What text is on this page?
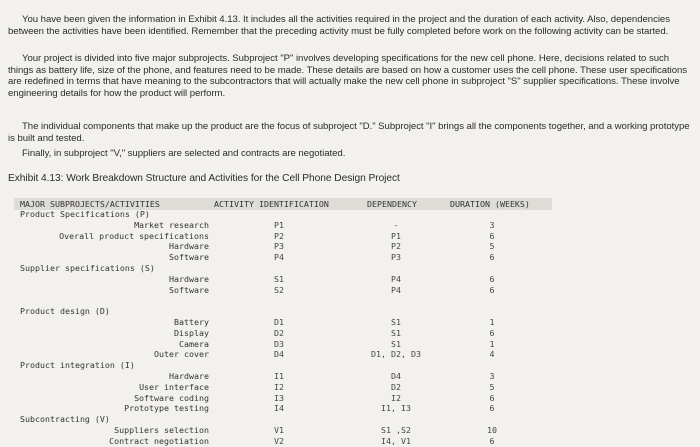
You have been given the information in Exhibit 4.13. It includes all the activities required in the project and the duration of each activity. Also, dependencies between the activities have been identified. Remember that the preceding activity must be fully completed before work on the following activity can be started.

Your project is divided into five major subprojects. Subproject "P" involves developing specifications for the new cell phone. Here, decisions related to such things as battery life, size of the phone, and features need to be made. These details are based on how a customer uses the cell phone. These user specifications are redefined in terms that have meaning to the subcontractors that will actually make the new cell phone in subproject "S" supplier specifications. These involve engineering details for how the product will perform.

The individual components that make up the product are the focus of subproject "D." Subproject "I" brings all the components together, and a working prototype is built and tested.

Finally, in subproject "V," suppliers are selected and contracts are negotiated.

Exhibit 4.13: Work Breakdown Structure and Activities for the Cell Phone Design Project
MAJOR SUBPROJECTS/ACTIVITIES	ACTIVITY IDENTIFICATION	DEPENDENCY	DURATION (WEEKS)
Product Specifications (P)
Market research	P1	-	3
Overall product specifications	P2	P1	6
Hardware	P3	P2	5
Software	P4	P3	6
Supplier specifications (S)
Hardware	S1	P4	6
Software	S2	P4	6
Product design (D)
Battery	D1	S1	1
Display	D2	S1	6
Camera	D3	S1	1
Outer cover	D4	D1, D2, D3	4
Product integration (I)
Hardware	I1	D4	3
User interface	I2	D2	5
Software coding	I3	I2	6
Prototype testing	I4	I1, I3	6
Subcontracting (V)
Suppliers selection	V1	S1 ,S2	10
Contract negotiation	V2	I4, V1	6
